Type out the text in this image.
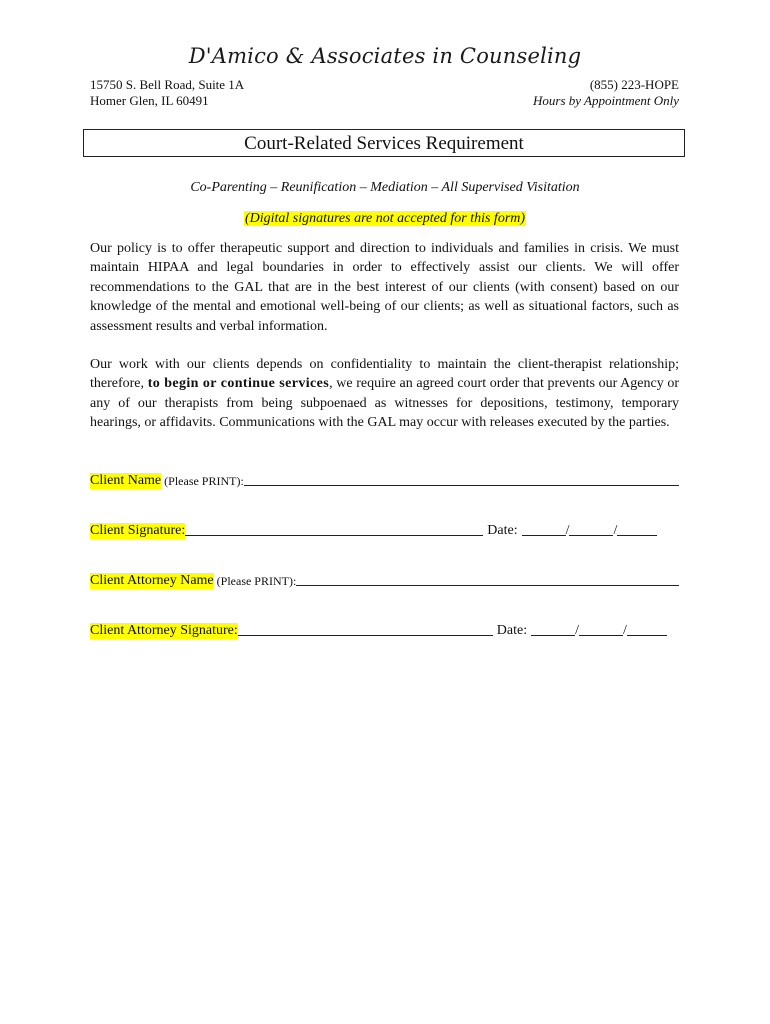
D'Amico & Associates in Counseling
15750 S. Bell Road, Suite 1A
Homer Glen, IL 60491
(855) 223-HOPE
Hours by Appointment Only
Court-Related Services Requirement
Co-Parenting – Reunification – Mediation – All Supervised Visitation
(Digital signatures are not accepted for this form)
Our policy is to offer therapeutic support and direction to individuals and families in crisis. We must maintain HIPAA and legal boundaries in order to effectively assist our clients. We will offer recommendations to the GAL that are in the best interest of our clients (with consent) based on our knowledge of the mental and emotional well-being of our clients; as well as situational factors, such as assessment results and verbal information.
Our work with our clients depends on confidentiality to maintain the client-therapist relationship; therefore, to begin or continue services, we require an agreed court order that prevents our Agency or any of our therapists from being subpoenaed as witnesses for depositions, testimony, temporary hearings, or affidavits. Communications with the GAL may occur with releases executed by the parties.
Client Name (Please PRINT):
Client Signature:	Date:	/	/
Client Attorney Name (Please PRINT):
Client Attorney Signature:	Date:	/	/
